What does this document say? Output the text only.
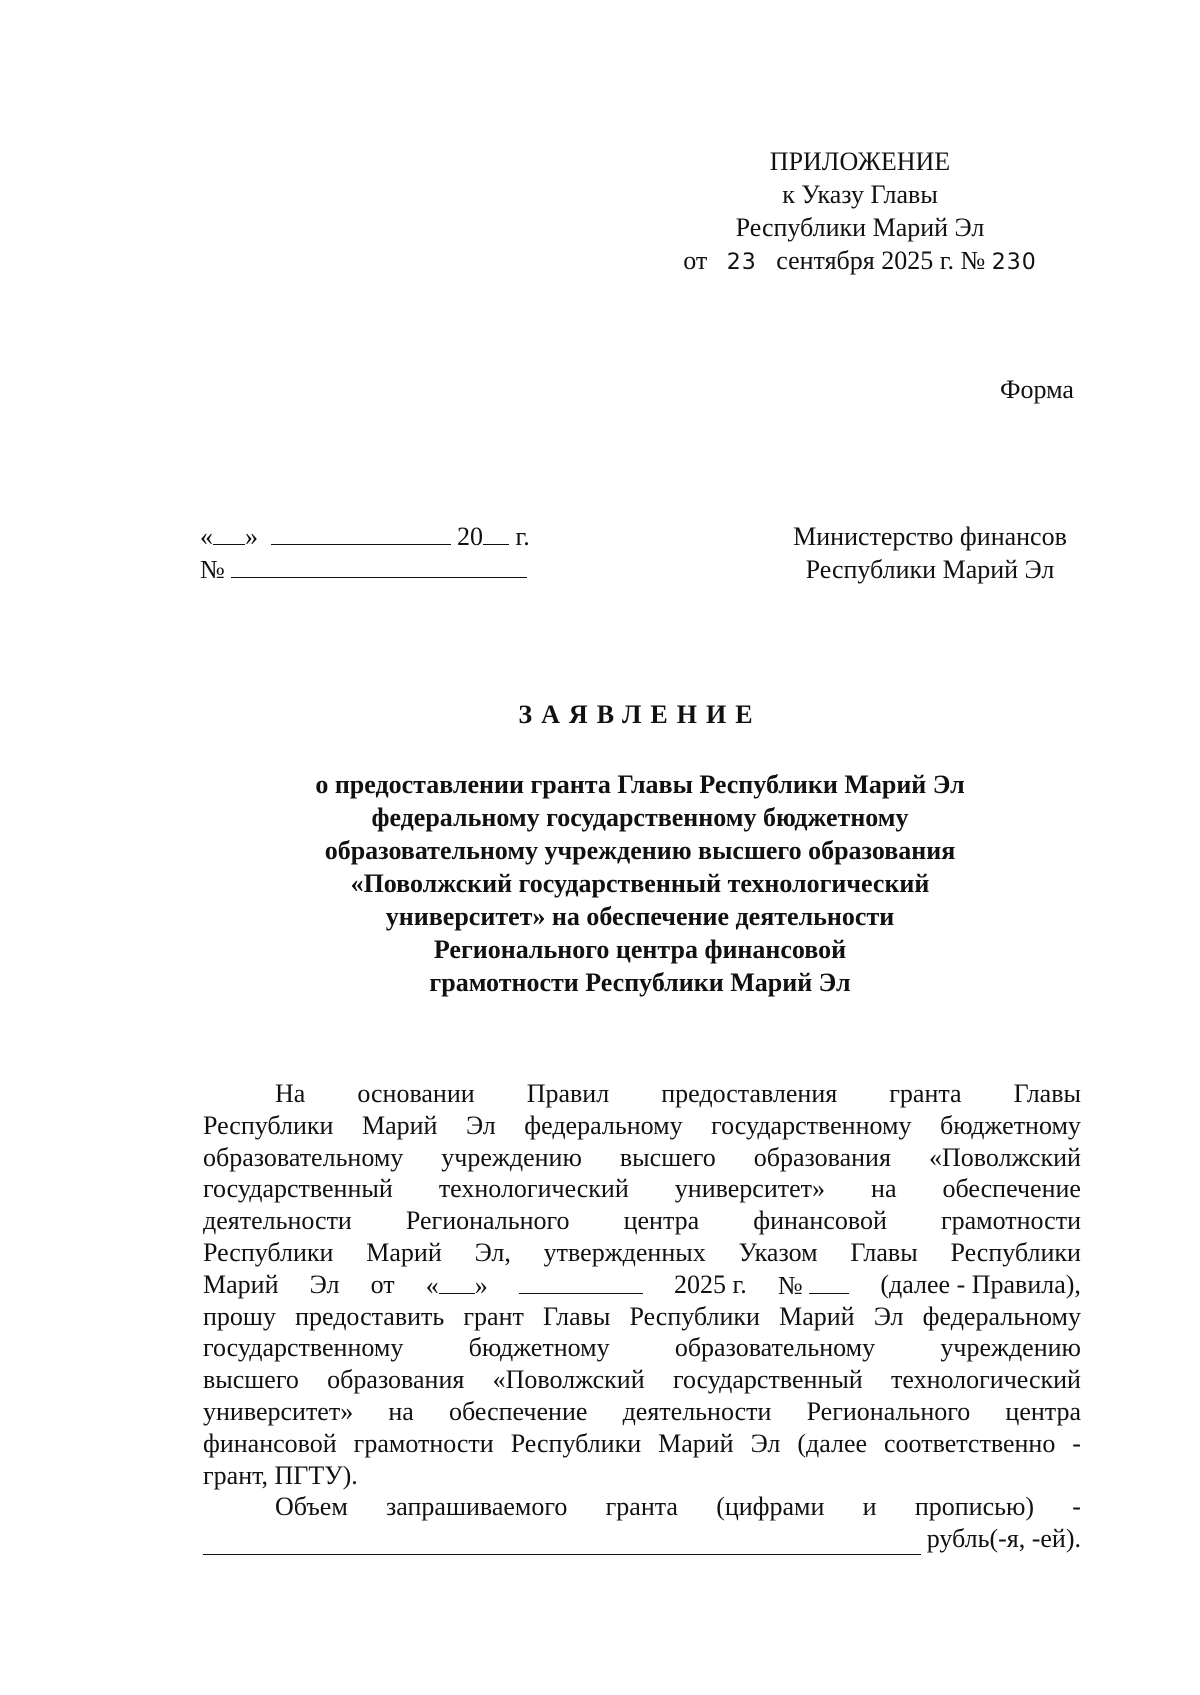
ПРИЛОЖЕНИЕ
к Указу Главы
Республики Марий Эл
от 23 сентября 2025 г. № 230
Форма
« »	20 г.
№
Министерство финансов
Республики Марий Эл
ЗАЯВЛЕНИЕ
о предоставлении гранта Главы Республики Марий Эл
федеральному государственному бюджетному
образовательному учреждению высшего образования
«Поволжский государственный технологический
университет» на обеспечение деятельности
Регионального центра финансовой
грамотности Республики Марий Эл
На основании Правил предоставления гранта Главы
Республики Марий Эл федеральному государственному бюджетному
образовательному учреждению высшего образования «Поволжский
государственный технологический университет» на обеспечение
деятельности Регионального центра финансовой грамотности
Республики Марий Эл, утвержденных Указом Главы Республики
Марий Эл от « »	2025 г. №	(далее - Правила),
прошу предоставить грант Главы Республики Марий Эл федеральному
государственному	бюджетному	образовательному	учреждению
высшего образования «Поволжский государственный технологический
университет» на обеспечение деятельности Регионального центра
финансовой грамотности Республики Марий Эл (далее соответственно -
грант, ПГТУ).
Объем запрашиваемого гранта (цифрами и прописью) -
рубль(-я, -ей).
